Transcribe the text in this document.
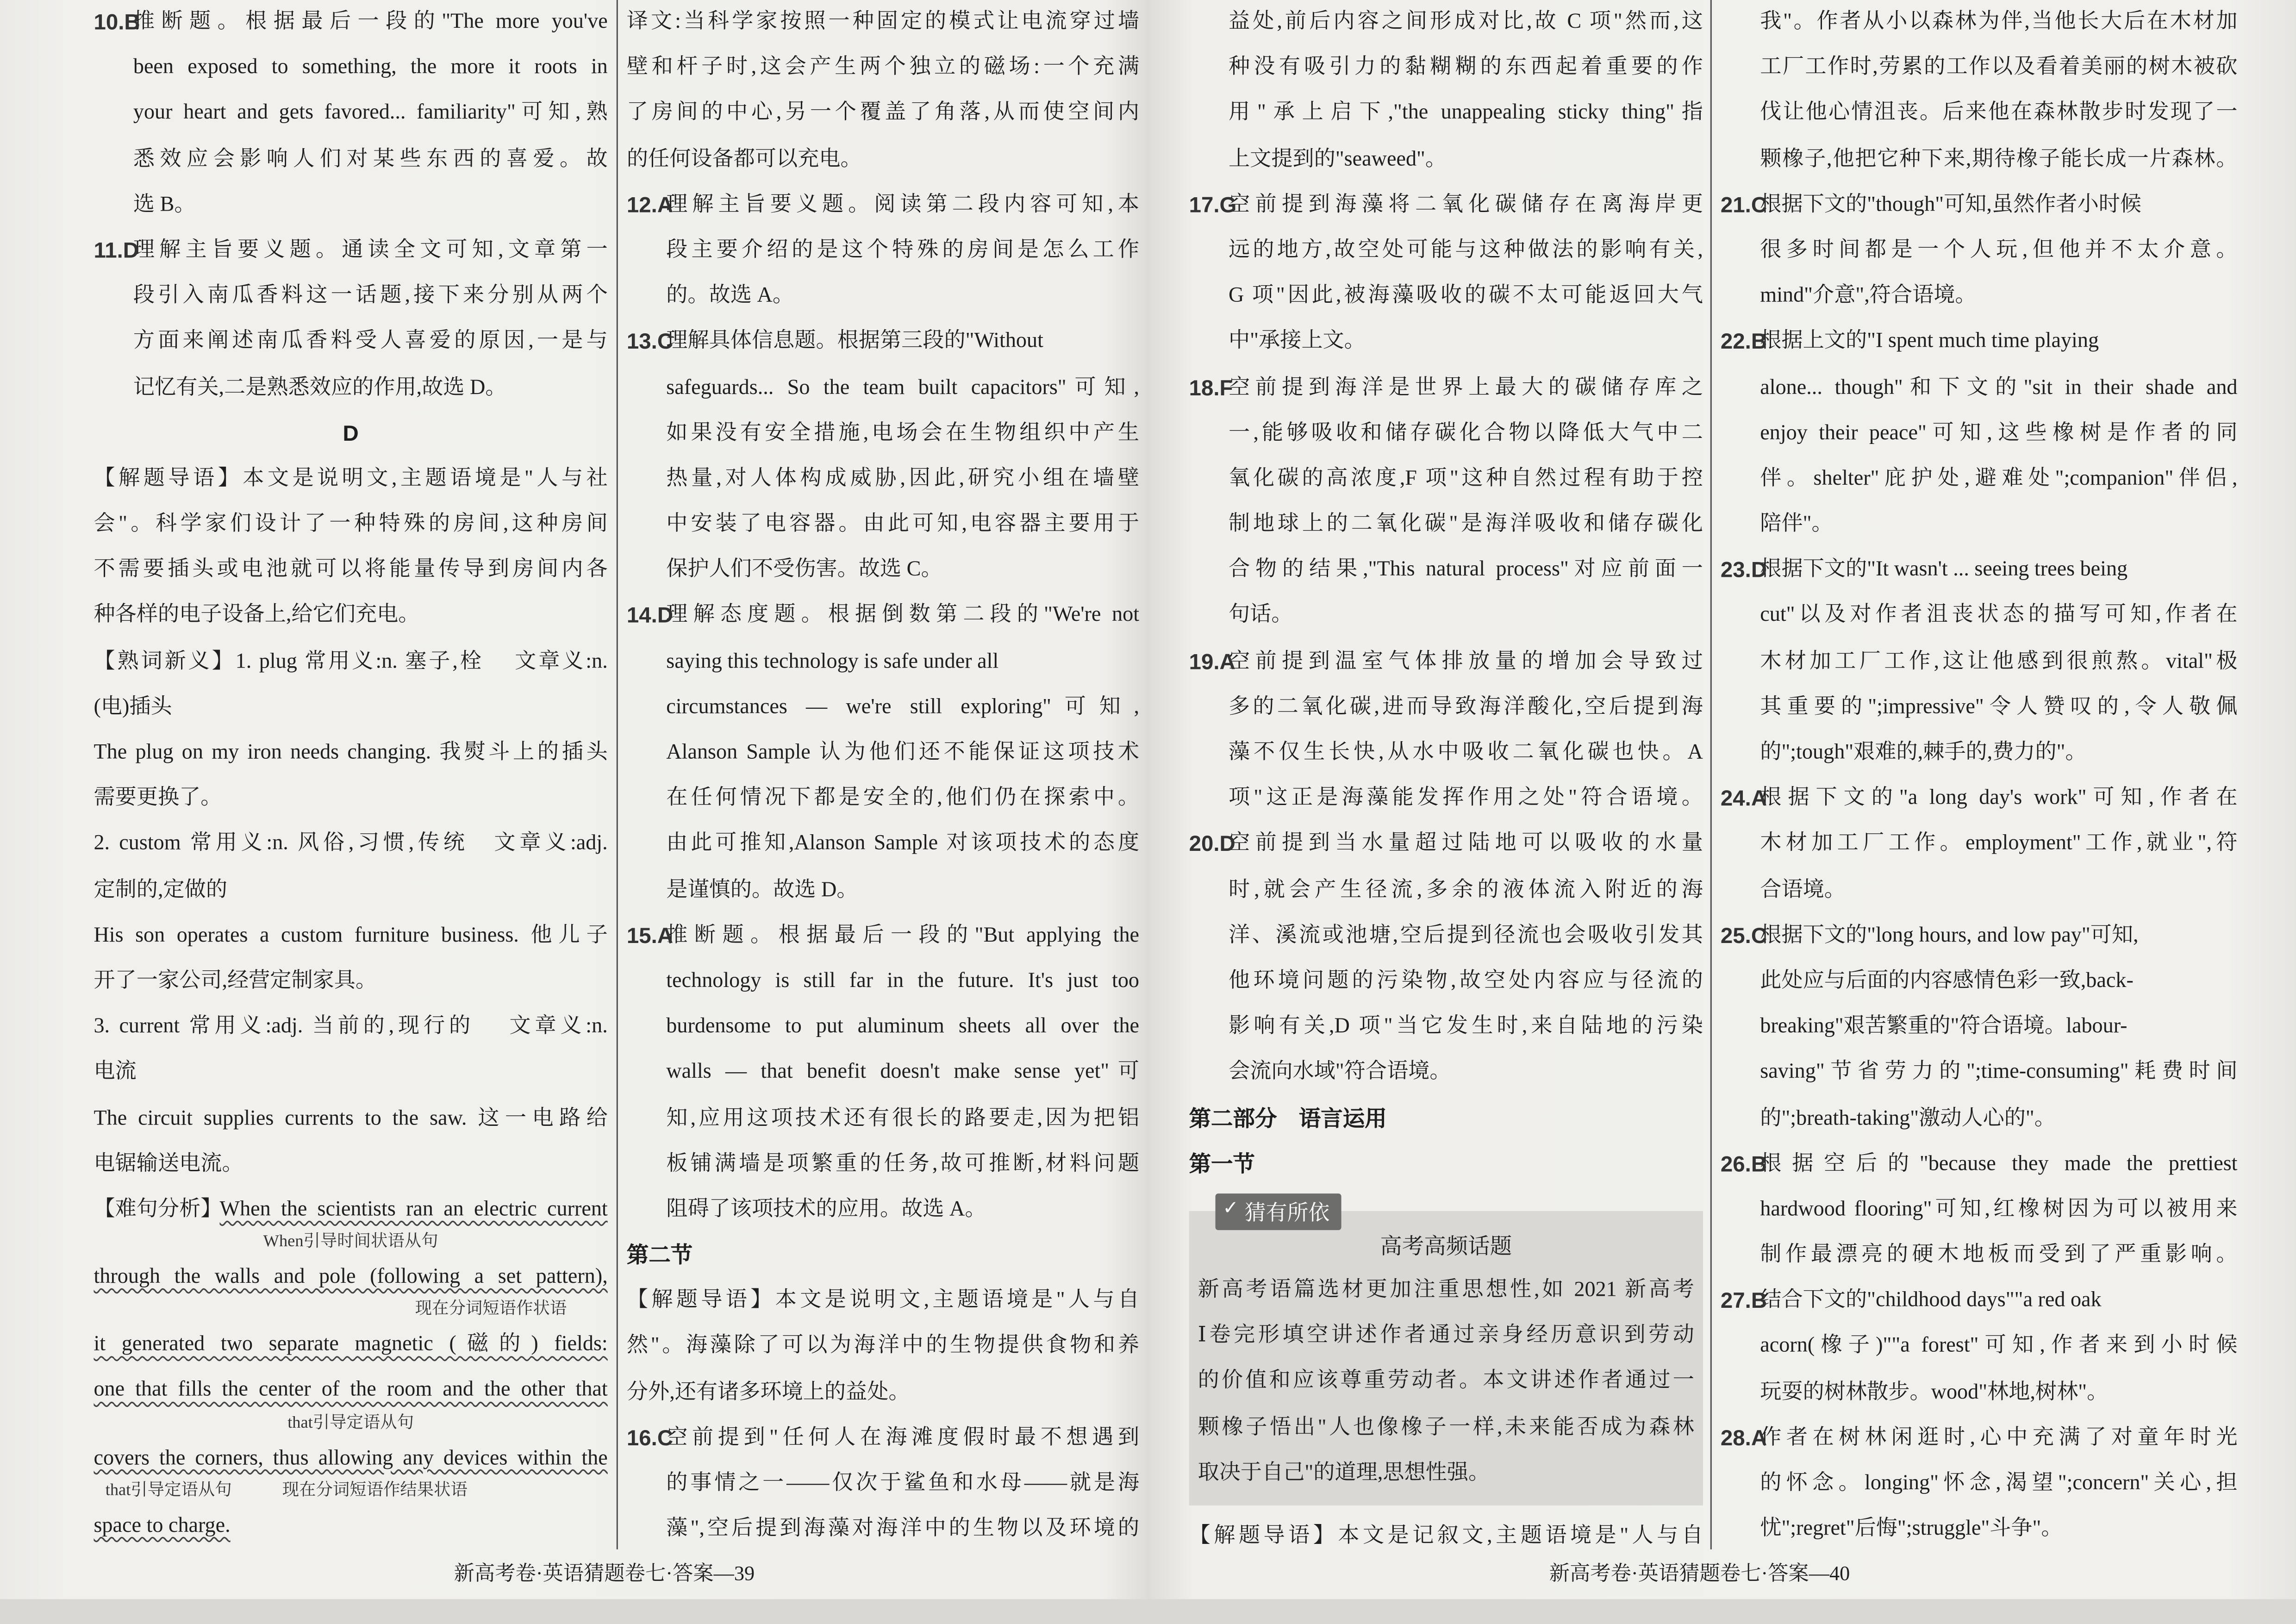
新高考卷·英语猜题卷七·答案—39	新高考卷·英语猜题卷七·答案—40
10.B
推断题。根据最后一段的"The more you've
been exposed to something, the more it roots in
your heart and gets favored... familiarity"可知,熟
悉效应会影响人们对某些东西的喜爱。故
选 B。
11.D
理解主旨要义题。通读全文可知,文章第一
段引入南瓜香料这一话题,接下来分别从两个
方面来阐述南瓜香料受人喜爱的原因,一是与
记忆有关,二是熟悉效应的作用,故选 D。
D
【解题导语】本文是说明文,主题语境是"人与社
会"。科学家们设计了一种特殊的房间,这种房间
不需要插头或电池就可以将能量传导到房间内各
种各样的电子设备上,给它们充电。
【熟词新义】1. plug 常用义:n. 塞子,栓　 文章义:n.
(电)插头
The plug on my iron needs changing. 我熨斗上的插头
需要更换了。
2. custom 常用义:n. 风俗,习惯,传统　文章义:adj.
定制的,定做的
His son operates a custom furniture business. 他儿子
开了一家公司,经营定制家具。
3. current 常用义:adj. 当前的,现行的　 文章义:n.
电流
The circuit supplies currents to the saw. 这一电路给
电锯输送电流。
【难句分析】
When the scientists ran an electric current
When引导时间状语从句
through the walls and pole (following a set pattern),
现在分词短语作状语
it generated two separate magnetic (磁的) fields:
one that fills the center of the room and the other that
that引导定语从句
covers the corners, thus allowing any devices within the
that引导定语从句　　　现在分词短语作结果状语
space to charge.
译文:当科学家按照一种固定的模式让电流穿过墙
壁和杆子时,这会产生两个独立的磁场:一个充满
了房间的中心,另一个覆盖了角落,从而使空间内
的任何设备都可以充电。
12.A
理解主旨要义题。阅读第二段内容可知,本
段主要介绍的是这个特殊的房间是怎么工作
的。故选 A。
13.C
理解具体信息题。根据第三段的"Without
safeguards... So the team built capacitors"可知,
如果没有安全措施,电场会在生物组织中产生
热量,对人体构成威胁,因此,研究小组在墙壁
中安装了电容器。由此可知,电容器主要用于
保护人们不受伤害。故选 C。
14.D
理解态度题。根据倒数第二段的"We're not
saying this technology is safe under all
circumstances — we're still exploring"可知,
Alanson Sample 认为他们还不能保证这项技术
在任何情况下都是安全的,他们仍在探索中。
由此可推知,Alanson Sample 对该项技术的态度
是谨慎的。故选 D。
15.A
推断题。根据最后一段的"But applying the
technology is still far in the future. It's just too
burdensome to put aluminum sheets all over the
walls — that benefit doesn't make sense yet"可
知,应用这项技术还有很长的路要走,因为把铝
板铺满墙是项繁重的任务,故可推断,材料问题
阻碍了该项技术的应用。故选 A。
第二节
【解题导语】本文是说明文,主题语境是"人与自
然"。海藻除了可以为海洋中的生物提供食物和养
分外,还有诸多环境上的益处。
16.C
空前提到"任何人在海滩度假时最不想遇到
的事情之一——仅次于鲨鱼和水母——就是海
藻",空后提到海藻对海洋中的生物以及环境的
益处,前后内容之间形成对比,故 C 项"然而,这
种没有吸引力的黏糊糊的东西起着重要的作
用"承上启下,"the unappealing sticky thing"指
上文提到的"seaweed"。
17.G
空前提到海藻将二氧化碳储存在离海岸更
远的地方,故空处可能与这种做法的影响有关,
G 项"因此,被海藻吸收的碳不太可能返回大气
中"承接上文。
18.F
空前提到海洋是世界上最大的碳储存库之
一,能够吸收和储存碳化合物以降低大气中二
氧化碳的高浓度,F 项"这种自然过程有助于控
制地球上的二氧化碳"是海洋吸收和储存碳化
合物的结果,"This natural process"对应前面一
句话。
19.A
空前提到温室气体排放量的增加会导致过
多的二氧化碳,进而导致海洋酸化,空后提到海
藻不仅生长快,从水中吸收二氧化碳也快。A
项"这正是海藻能发挥作用之处"符合语境。
20.D
空前提到当水量超过陆地可以吸收的水量
时,就会产生径流,多余的液体流入附近的海
洋、溪流或池塘,空后提到径流也会吸收引发其
他环境问题的污染物,故空处内容应与径流的
影响有关,D 项"当它发生时,来自陆地的污染
会流向水域"符合语境。
第二部分　语言运用
第一节
✓ 猜有所依
高考高频话题
新高考语篇选材更加注重思想性,如 2021 新高考
Ⅰ卷完形填空讲述作者通过亲身经历意识到劳动
的价值和应该尊重劳动者。本文讲述作者通过一
颗橡子悟出"人也像橡子一样,未来能否成为森林
取决于自己"的道理,思想性强。
【解题导语】本文是记叙文,主题语境是"人与自
我"。作者从小以森林为伴,当他长大后在木材加
工厂工作时,劳累的工作以及看着美丽的树木被砍
伐让他心情沮丧。后来他在森林散步时发现了一
颗橡子,他把它种下来,期待橡子能长成一片森林。
21.C
根据下文的"though"可知,虽然作者小时候
很多时间都是一个人玩,但他并不太介意。
mind"介意",符合语境。
22.B
根据上文的"I spent much time playing
alone... though"和下文的"sit in their shade and
enjoy their peace"可知,这些橡树是作者的同
伴。shelter"庇护处,避难处";companion"伴侣,
陪伴"。
23.D
根据下文的"It wasn't ... seeing trees being
cut"以及对作者沮丧状态的描写可知,作者在
木材加工厂工作,这让他感到很煎熬。vital"极
其重要的";impressive"令人赞叹的,令人敬佩
的";tough"艰难的,棘手的,费力的"。
24.A
根据下文的"a long day's work"可知,作者在
木材加工厂工作。employment"工作,就业",符
合语境。
25.C
根据下文的"long hours, and low pay"可知,
此处应与后面的内容感情色彩一致,back-
breaking"艰苦繁重的"符合语境。labour-
saving"节省劳力的";time-consuming"耗费时间
的";breath-taking"激动人心的"。
26.B
根据空后的"because they made the prettiest
hardwood flooring"可知,红橡树因为可以被用来
制作最漂亮的硬木地板而受到了严重影响。
27.B
结合下文的"childhood days""a red oak
acorn(橡子)""a forest"可知,作者来到小时候
玩耍的树林散步。wood"林地,树林"。
28.A
作者在树林闲逛时,心中充满了对童年时光
的怀念。longing"怀念,渴望";concern"关心,担
忧";regret"后悔";struggle"斗争"。
